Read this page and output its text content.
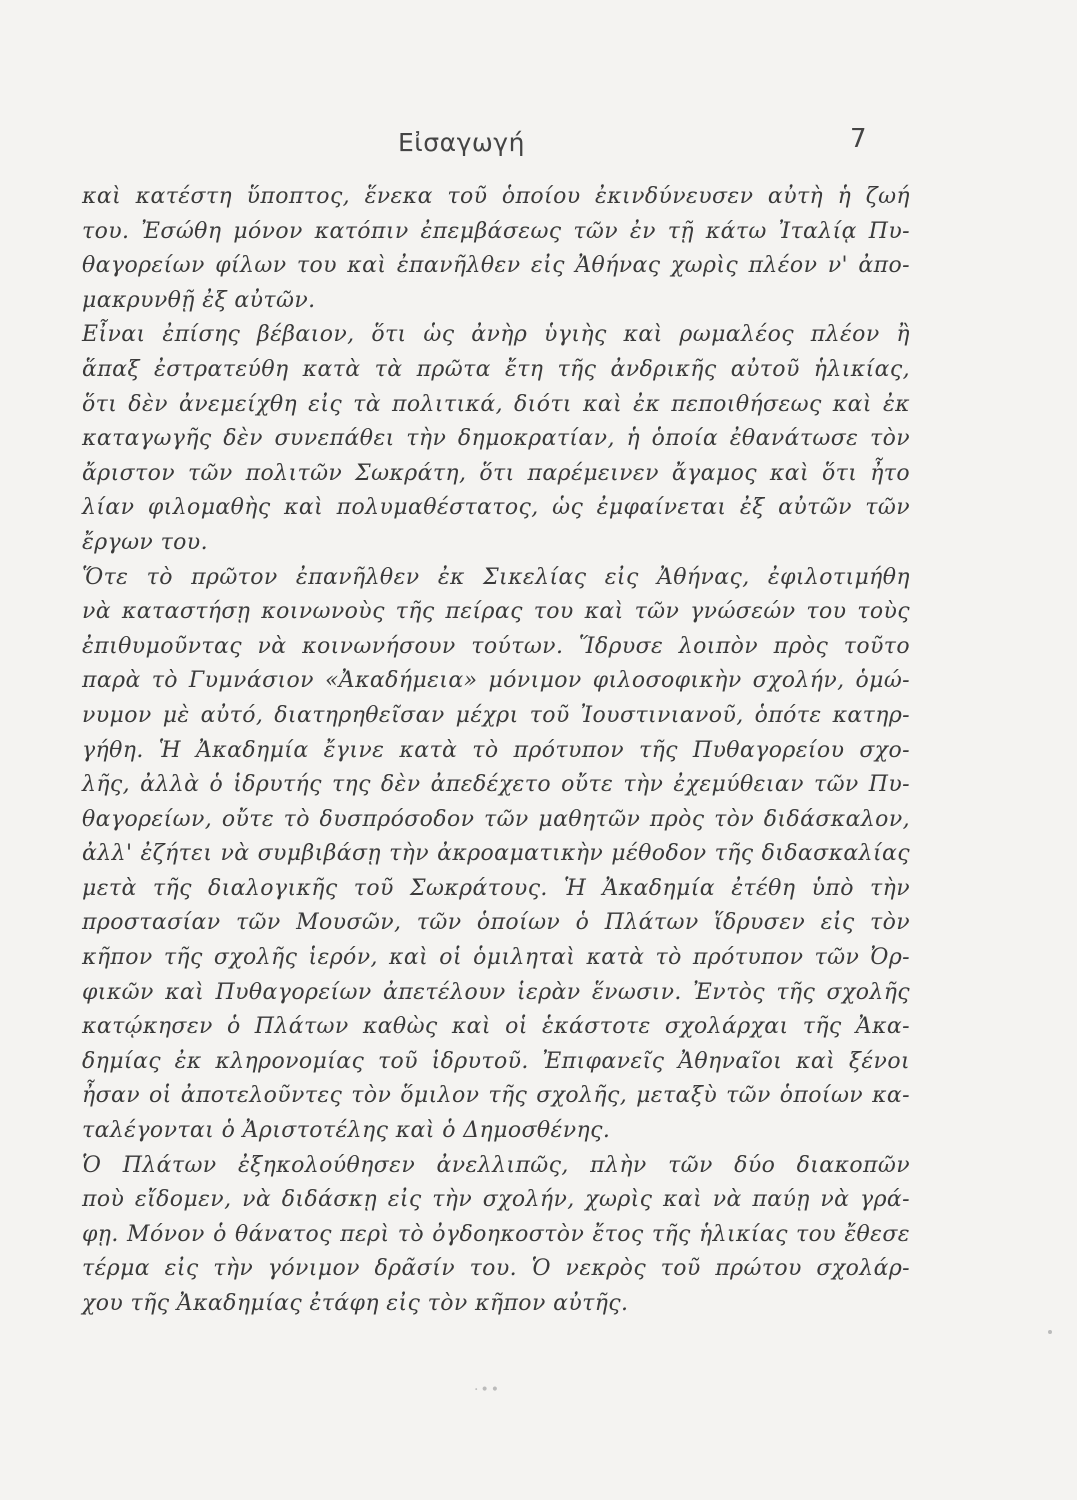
Εἰσαγωγή	7
καὶ κατέστη ὕποπτος, ἕνεκα τοῦ ὁποίου ἐκινδύνευσεν αὐτὴ ἡ ζωή
του. Ἐσώθη μόνον κατόπιν ἐπεμβάσεως τῶν ἐν τῇ κάτω Ἰταλίᾳ Πυ-
θαγορείων φίλων του καὶ ἐπανῆλθεν εἰς Ἀθήνας χωρὶς πλέον ν' ἀπο-
μακρυνθῇ ἐξ αὐτῶν.
Εἶναι ἐπίσης βέβαιον, ὅτι ὡς ἀνὴρ ὑγιὴς καὶ ρωμαλέος πλέον ἢ
ἅπαξ ἐστρατεύθη κατὰ τὰ πρῶτα ἔτη τῆς ἀνδρικῆς αὐτοῦ ἡλικίας,
ὅτι δὲν ἀνεμείχθη εἰς τὰ πολιτικά, διότι καὶ ἐκ πεποιθήσεως καὶ ἐκ
καταγωγῆς δὲν συνεπάθει τὴν δημοκρατίαν, ἡ ὁποία ἐθανάτωσε τὸν
ἄριστον τῶν πολιτῶν Σωκράτη, ὅτι παρέμεινεν ἄγαμος καὶ ὅτι ἦτο
λίαν φιλομαθὴς καὶ πολυμαθέστατος, ὡς ἐμφαίνεται ἐξ αὐτῶν τῶν
ἔργων του.
Ὅτε τὸ πρῶτον ἐπανῆλθεν ἐκ Σικελίας εἰς Ἀθήνας, ἐφιλοτιμήθη
νὰ καταστήσῃ κοινωνοὺς τῆς πείρας του καὶ τῶν γνώσεών του τοὺς
ἐπιθυμοῦντας νὰ κοινωνήσουν τούτων. Ἵδρυσε λοιπὸν πρὸς τοῦτο
παρὰ τὸ Γυμνάσιον «Ἀκαδήμεια» μόνιμον φιλοσοφικὴν σχολήν, ὁμώ-
νυμον μὲ αὐτό, διατηρηθεῖσαν μέχρι τοῦ Ἰουστινιανοῦ, ὁπότε κατηρ-
γήθη. Ἡ Ἀκαδημία ἔγινε κατὰ τὸ πρότυπον τῆς Πυθαγορείου σχο-
λῆς, ἀλλὰ ὁ ἱδρυτής της δὲν ἀπεδέχετο οὔτε τὴν ἐχεμύθειαν τῶν Πυ-
θαγορείων, οὔτε τὸ δυσπρόσοδον τῶν μαθητῶν πρὸς τὸν διδάσκαλον,
ἀλλ' ἐζήτει νὰ συμβιβάσῃ τὴν ἀκροαματικὴν μέθοδον τῆς διδασκαλίας
μετὰ τῆς διαλογικῆς τοῦ Σωκράτους. Ἡ Ἀκαδημία ἐτέθη ὑπὸ τὴν
προστασίαν τῶν Μουσῶν, τῶν ὁποίων ὁ Πλάτων ἵδρυσεν εἰς τὸν
κῆπον τῆς σχολῆς ἱερόν, καὶ οἱ ὁμιληταὶ κατὰ τὸ πρότυπον τῶν Ὀρ-
φικῶν καὶ Πυθαγορείων ἀπετέλουν ἱερὰν ἕνωσιν. Ἐντὸς τῆς σχολῆς
κατῴκησεν ὁ Πλάτων καθὼς καὶ οἱ ἑκάστοτε σχολάρχαι τῆς Ἀκα-
δημίας ἐκ κληρονομίας τοῦ ἱδρυτοῦ. Ἐπιφανεῖς Ἀθηναῖοι καὶ ξένοι
ἦσαν οἱ ἀποτελοῦντες τὸν ὅμιλον τῆς σχολῆς, μεταξὺ τῶν ὁποίων κα-
ταλέγονται ὁ Ἀριστοτέλης καὶ ὁ Δημοσθένης.
Ὁ Πλάτων ἐξηκολούθησεν ἀνελλιπῶς, πλὴν τῶν δύο διακοπῶν
ποὺ εἴδομεν, νὰ διδάσκῃ εἰς τὴν σχολήν, χωρὶς καὶ νὰ παύῃ νὰ γρά-
φῃ. Μόνον ὁ θάνατος περὶ τὸ ὀγδοηκοστὸν ἔτος τῆς ἡλικίας του ἔθεσε
τέρμα εἰς τὴν γόνιμον δρᾶσίν του. Ὁ νεκρὸς τοῦ πρώτου σχολάρ-
χου τῆς Ἀκαδημίας ἐτάφη εἰς τὸν κῆπον αὐτῆς.
·••
